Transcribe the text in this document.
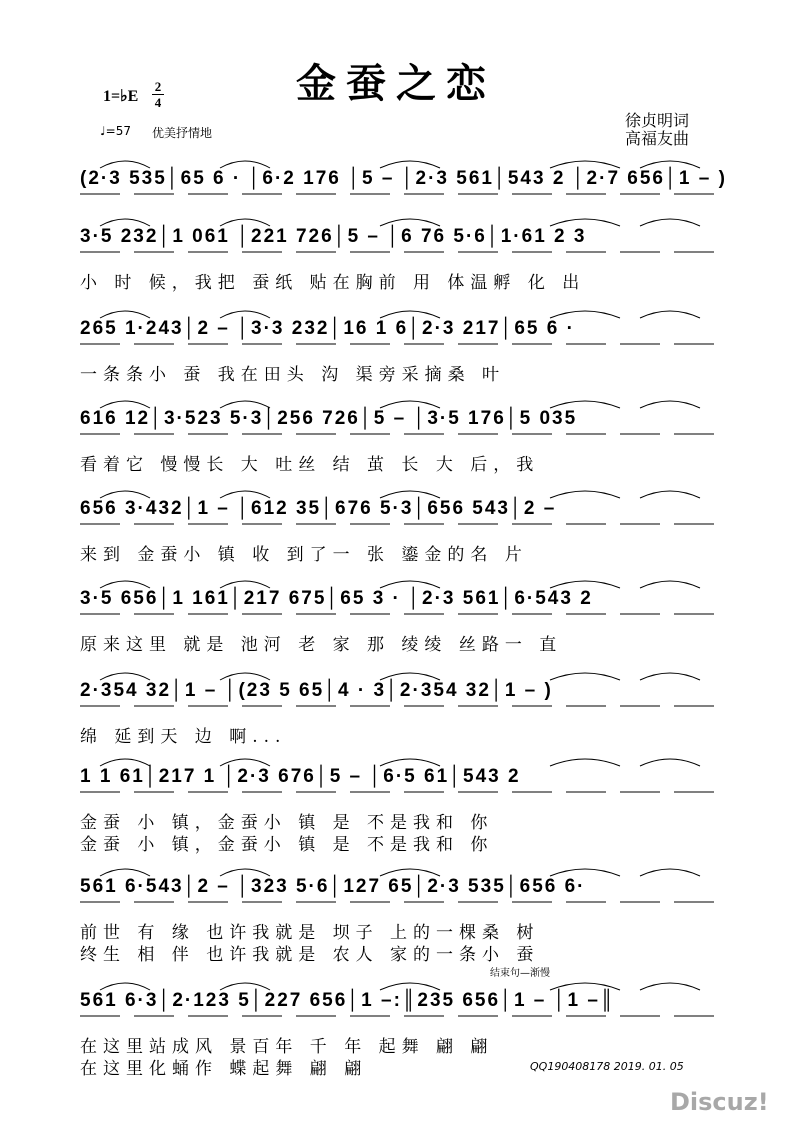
金蚕之恋
1=♭E
2
4
♩=57 优美抒情地
徐贞明词
高福友曲
(2·3 535│65 6 · │6·2 176 │5 – │2·3 561│543 2 │2·7 656│1 – )
3·5 232│1 061 │221 726│5 – │6 76 5·6│1·61 2 3
小 时 候，我把 蚕纸 贴在胸前 用 体温孵 化 出
265 1·243│2 – │3·3 232│16 1 6│2·3 217│65 6 ·
一条条小 蚕 我在田头 沟 渠旁采摘桑 叶
616 12│3·523 5·3│256 726│5 – │3·5 176│5 035
看着它 慢慢长 大 吐丝 结 茧 长 大 后，我
656 3·432│1 – │612 35│676 5·3│656 543│2 –
来到 金蚕小 镇 收 到了一 张 鎏金的名 片
3·5 656│1 161│217 675│65 3 · │2·3 561│6·543 2
原来这里 就是 池河 老 家 那 绫绫 丝路一 直
2·354 32│1 – │(23 5 65│4 · 3│2·354 32│1 – )
绵 延到天 边 啊...
1 1 61│217 1 │2·3 676│5 – │6·5 61│543 2
金蚕 小 镇，金蚕小 镇 是 不是我和 你
金蚕 小 镇，金蚕小 镇 是 不是我和 你
561 6·543│2 – │323 5·6│127 65│2·3 535│656 6·
前世 有 缘 也许我就是 坝子 上的一棵桑 树
终生 相 伴 也许我就是 农人 家的一条小 蚕
561 6·3│2·123 5│227 656│1 –:║235 656│1 – │1 –║
在这里站成风 景百年 千 年 起舞 翩 翩
在这里化蛹作 蝶起舞 翩 翩
结束句—渐慢
QQ190408178 2019. 01. 05
Discuz!
